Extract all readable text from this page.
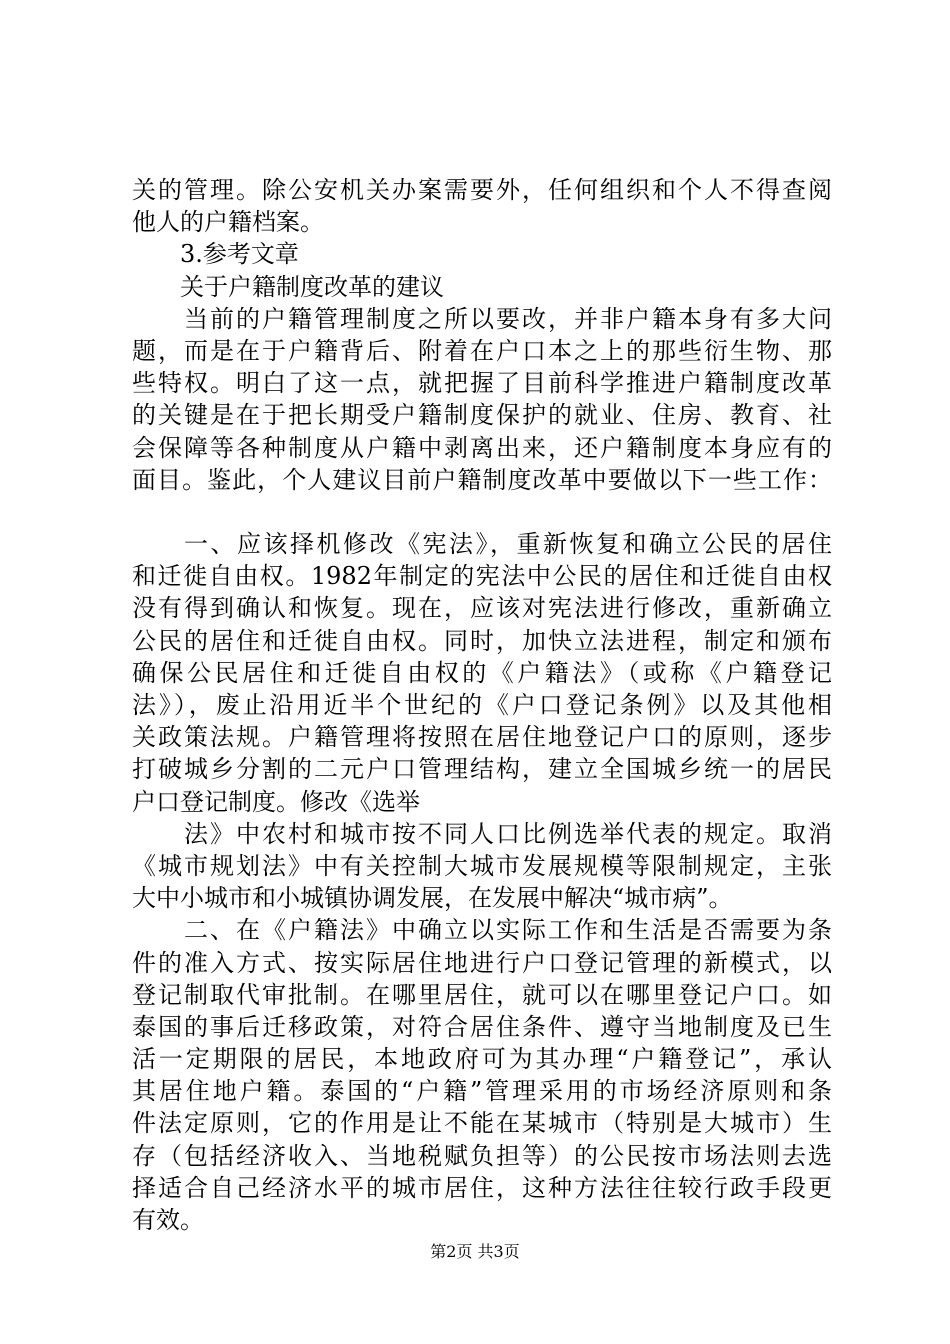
关的管理。除公安机关办案需要外，任何组织和个人不得查阅
他人的户籍档案。
3.参考文章
关于户籍制度改革的建议
当前的户籍管理制度之所以要改，并非户籍本身有多大问
题，而是在于户籍背后、附着在户口本之上的那些衍生物、那
些特权。明白了这一点，就把握了目前科学推进户籍制度改革
的关键是在于把长期受户籍制度保护的就业、住房、教育、社
会保障等各种制度从户籍中剥离出来，还户籍制度本身应有的
面目。鉴此，个人建议目前户籍制度改革中要做以下一些工作：
一、应该择机修改《宪法》，重新恢复和确立公民的居住
和迁徙自由权。1982年制定的宪法中公民的居住和迁徙自由权
没有得到确认和恢复。现在，应该对宪法进行修改，重新确立
公民的居住和迁徙自由权。同时，加快立法进程，制定和颁布
确保公民居住和迁徙自由权的《户籍法》（或称《户籍登记
法》），废止沿用近半个世纪的《户口登记条例》以及其他相
关政策法规。户籍管理将按照在居住地登记户口的原则，逐步
打破城乡分割的二元户口管理结构，建立全国城乡统一的居民
户口登记制度。修改《选举
法》中农村和城市按不同人口比例选举代表的规定。取消
《城市规划法》中有关控制大城市发展规模等限制规定，主张
大中小城市和小城镇协调发展，在发展中解决“城市病”。
二、在《户籍法》中确立以实际工作和生活是否需要为条
件的准入方式、按实际居住地进行户口登记管理的新模式，以
登记制取代审批制。在哪里居住，就可以在哪里登记户口。如
泰国的事后迁移政策，对符合居住条件、遵守当地制度及已生
活一定期限的居民，本地政府可为其办理“户籍登记”，承认
其居住地户籍。泰国的“户籍”管理采用的市场经济原则和条
件法定原则，它的作用是让不能在某城市（特别是大城市）生
存（包括经济收入、当地税赋负担等）的公民按市场法则去选
择适合自己经济水平的城市居住，这种方法往往较行政手段更
有效。
第2页 共3页
